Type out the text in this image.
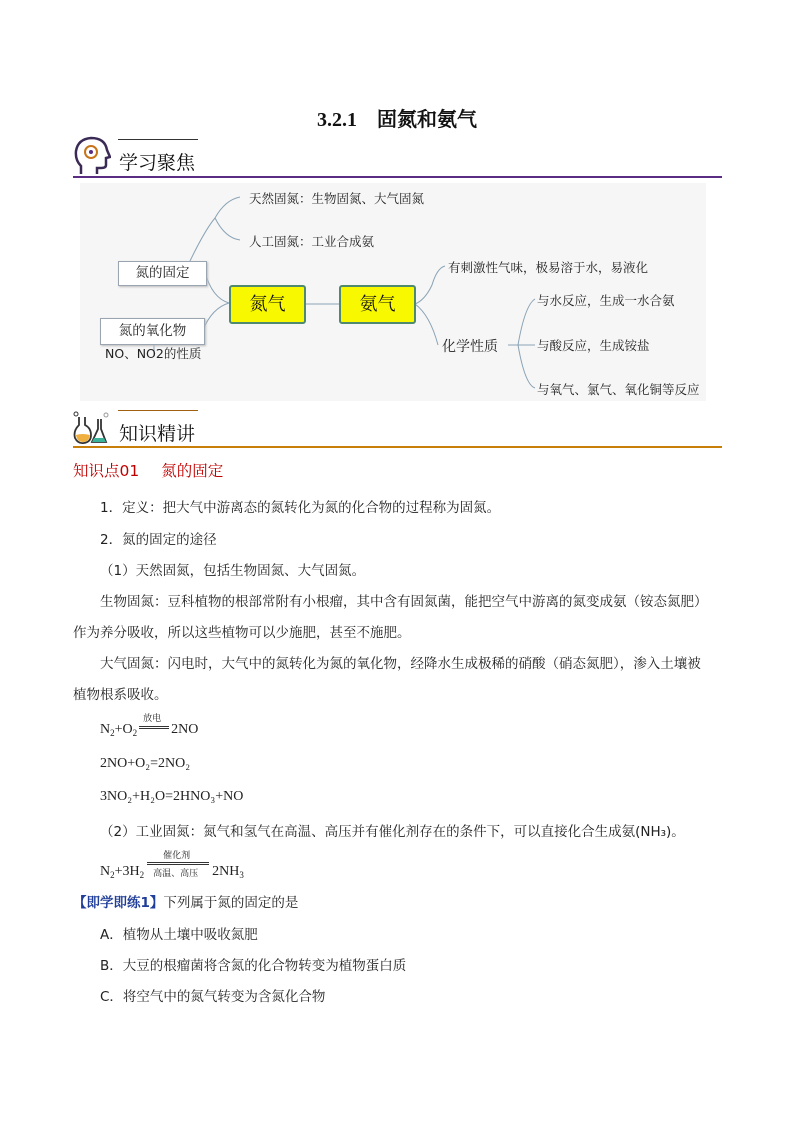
3.2.1　固氮和氨气
学习聚焦
天然固氮：生物固氮、大气固氮
人工固氮：工业合成氨
氮的固定
氮的氧化物
NO、NO2的性质
氮气	氨气
有刺激性气味，极易溶于水，易液化
化学性质
与水反应，生成一水合氨
与酸反应，生成铵盐
与氧气、氯气、氧化铜等反应
知识精讲
知识点01 氮的固定
1．定义：把大气中游离态的氮转化为氮的化合物的过程称为固氮。
2．氮的固定的途径
（1）天然固氮，包括生物固氮、大气固氮。
生物固氮：豆科植物的根部常附有小根瘤，其中含有固氮菌，能把空气中游离的氮变成氨（铵态氮肥）
作为养分吸收，所以这些植物可以少施肥，甚至不施肥。
大气固氮：闪电时，大气中的氮转化为氮的氧化物，经降水生成极稀的硝酸（硝态氮肥），渗入土壤被
植物根系吸收。
$N_2+O_2$
放电
2NO
2NO+O₂=2NO₂
3NO₂+H₂O=2HNO₃+NO
（2）工业固氮：氮气和氢气在高温、高压并有催化剂存在的条件下，可以直接化合生成氨(NH₃)。
$N_2+3H_2$
催化剂
高温、高压 $2NH_3$
【即学即练1】下列属于氮的固定的是
A．植物从土壤中吸收氮肥
B．大豆的根瘤菌将含氮的化合物转变为植物蛋白质
C．将空气中的氮气转变为含氮化合物
